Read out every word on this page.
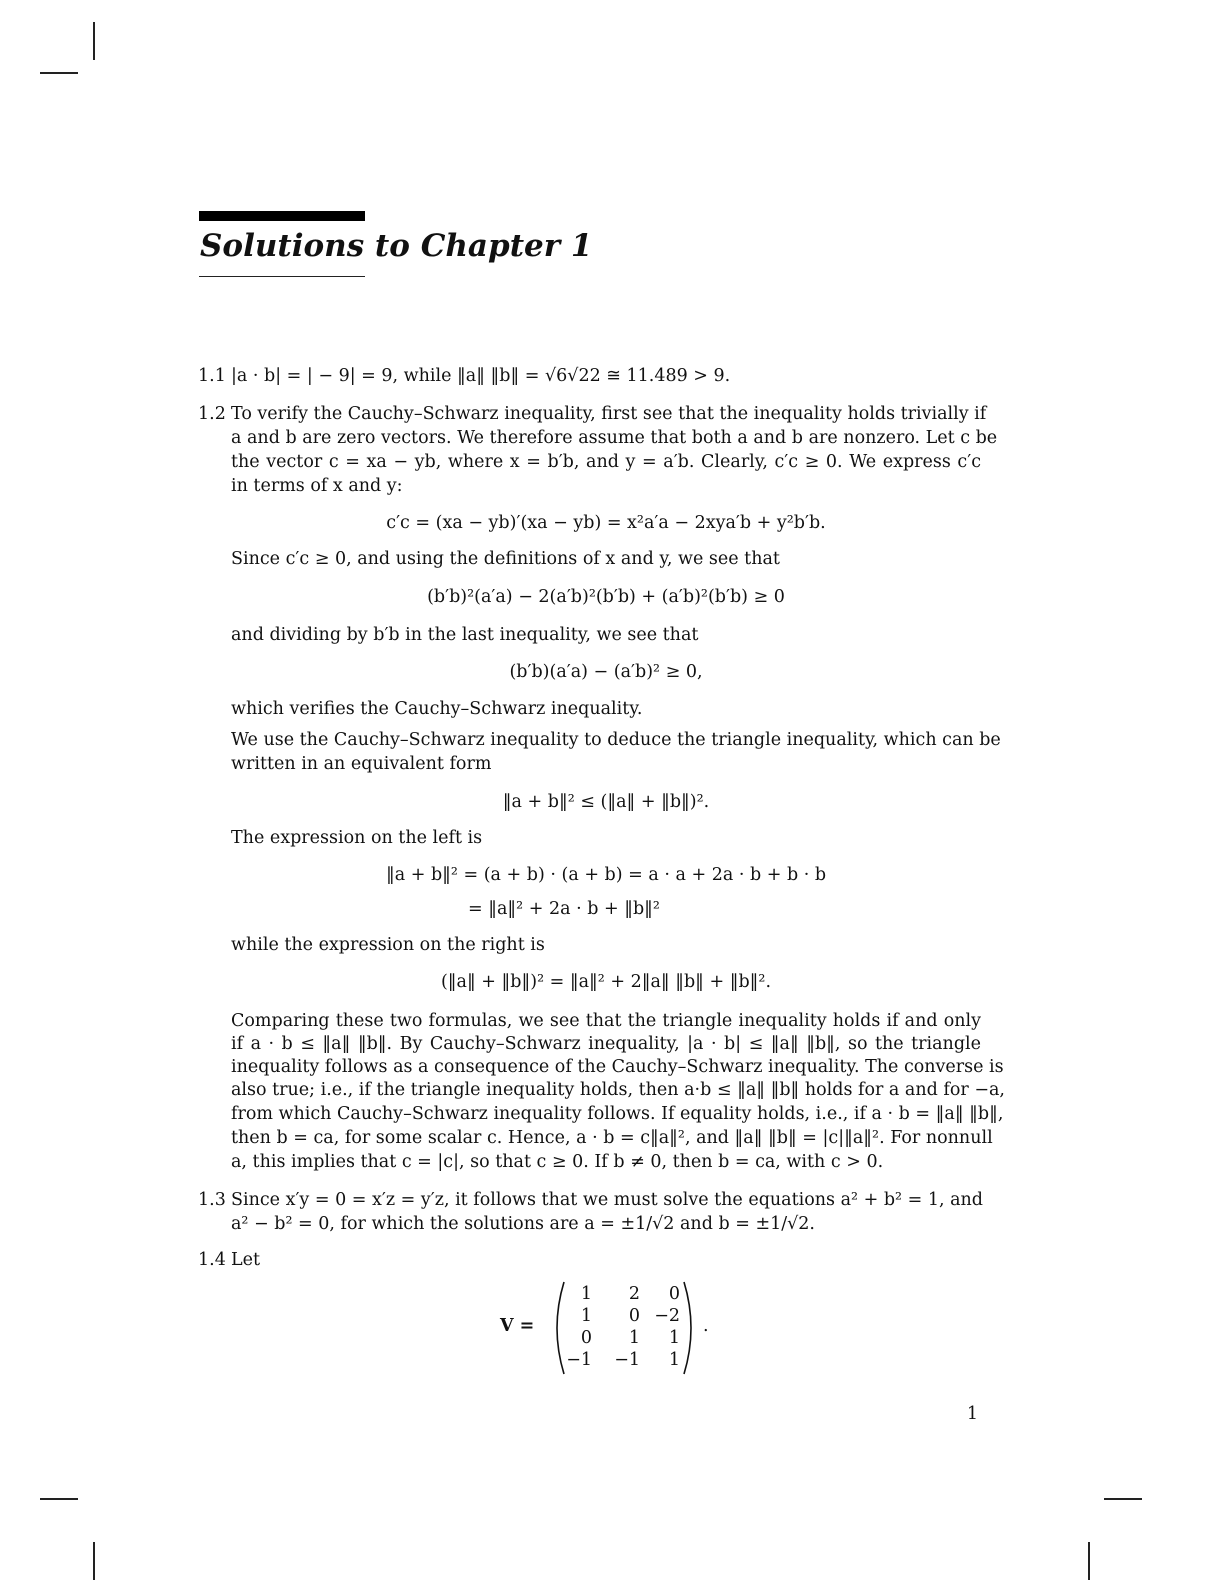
Solutions to Chapter 1
1.1 |a · b| = | − 9| = 9, while ‖a‖ ‖b‖ = √6√22 ≅ 11.489 > 9.
1.2 To verify the Cauchy–Schwarz inequality, first see that the inequality holds trivially if
a and b are zero vectors. We therefore assume that both a and b are nonzero. Let c be
the vector c = xa − yb, where x = b′b, and y = a′b. Clearly, c′c ≥ 0. We express c′c
in terms of x and y:
c′c = (xa − yb)′(xa − yb) = x²a′a − 2xya′b + y²b′b.
Since c′c ≥ 0, and using the definitions of x and y, we see that
(b′b)²(a′a) − 2(a′b)²(b′b) + (a′b)²(b′b) ≥ 0
and dividing by b′b in the last inequality, we see that
(b′b)(a′a) − (a′b)² ≥ 0,
which verifies the Cauchy–Schwarz inequality.
We use the Cauchy–Schwarz inequality to deduce the triangle inequality, which can be
written in an equivalent form
‖a + b‖² ≤ (‖a‖ + ‖b‖)².
The expression on the left is
‖a + b‖² = (a + b) · (a + b) = a · a + 2a · b + b · b
= ‖a‖² + 2a · b + ‖b‖²
while the expression on the right is
(‖a‖ + ‖b‖)² = ‖a‖² + 2‖a‖ ‖b‖ + ‖b‖².
Comparing these two formulas, we see that the triangle inequality holds if and only
if a · b ≤ ‖a‖ ‖b‖. By Cauchy–Schwarz inequality, |a · b| ≤ ‖a‖ ‖b‖, so the triangle
inequality follows as a consequence of the Cauchy–Schwarz inequality. The converse is
also true; i.e., if the triangle inequality holds, then a·b ≤ ‖a‖ ‖b‖ holds for a and for −a,
from which Cauchy–Schwarz inequality follows. If equality holds, i.e., if a · b = ‖a‖ ‖b‖,
then b = ca, for some scalar c. Hence, a · b = c‖a‖², and ‖a‖ ‖b‖ = |c|‖a‖². For nonnull
a, this implies that c = |c|, so that c ≥ 0. If b ≠ 0, then b = ca, with c > 0.
1.3 Since x′y = 0 = x′z = y′z, it follows that we must solve the equations a² + b² = 1, and
a² − b² = 0, for which the solutions are a = ±1/√2 and b = ±1/√2.
1.4 Let
V =
1	2	0
1	0 −2
0	1	1
−1	−1	1
.
1
